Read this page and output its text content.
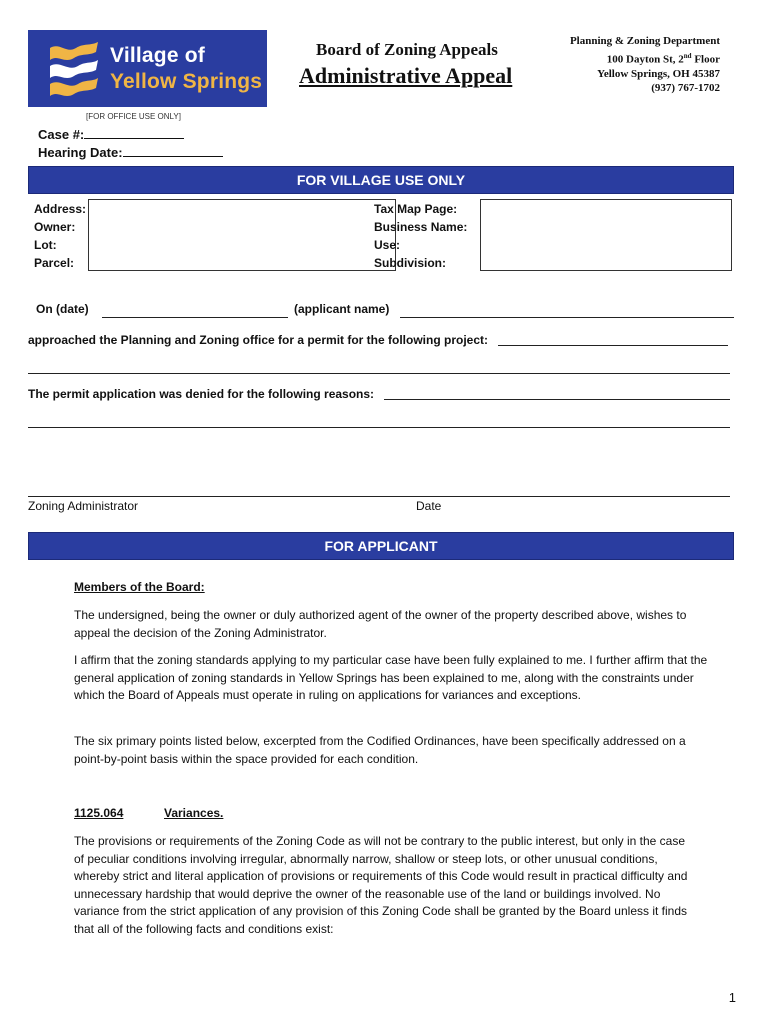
Village of
Yellow Springs
Board of Zoning Appeals
Administrative Appeal
Planning & Zoning Department
100 Dayton St, 2nd Floor
Yellow Springs, OH 45387
(937) 767-1702
[FOR OFFICE USE ONLY]
Case #:
Hearing Date:
FOR VILLAGE USE ONLY
Address:
Owner:
Lot:
Parcel:
Tax Map Page:
Business Name:
Use:
Subdivision:
On (date)	(applicant name)
approached the Planning and Zoning office for a permit for the following project:
The permit application was denied for the following reasons:
Zoning Administrator	Date
FOR APPLICANT
Members of the Board:
The undersigned, being the owner or duly authorized agent of the owner of the property described above, wishes to appeal the decision of the Zoning Administrator.
I affirm that the zoning standards applying to my particular case have been fully explained to me. I further affirm that the general application of zoning standards in Yellow Springs has been explained to me, along with the constraints under which the Board of Appeals must operate in ruling on applications for variances and exceptions.
The six primary points listed below, excerpted from the Codified Ordinances, have been specifically addressed on a point-by-point basis within the space provided for each condition.
1125.064	Variances.
The provisions or requirements of the Zoning Code as will not be contrary to the public interest, but only in the case of peculiar conditions involving irregular, abnormally narrow, shallow or steep lots, or other unusual conditions, whereby strict and literal application of provisions or requirements of this Code would result in practical difficulty and unnecessary hardship that would deprive the owner of the reasonable use of the land or buildings involved. No variance from the strict application of any provision of this Zoning Code shall be granted by the Board unless it finds that all of the following facts and conditions exist:
1
